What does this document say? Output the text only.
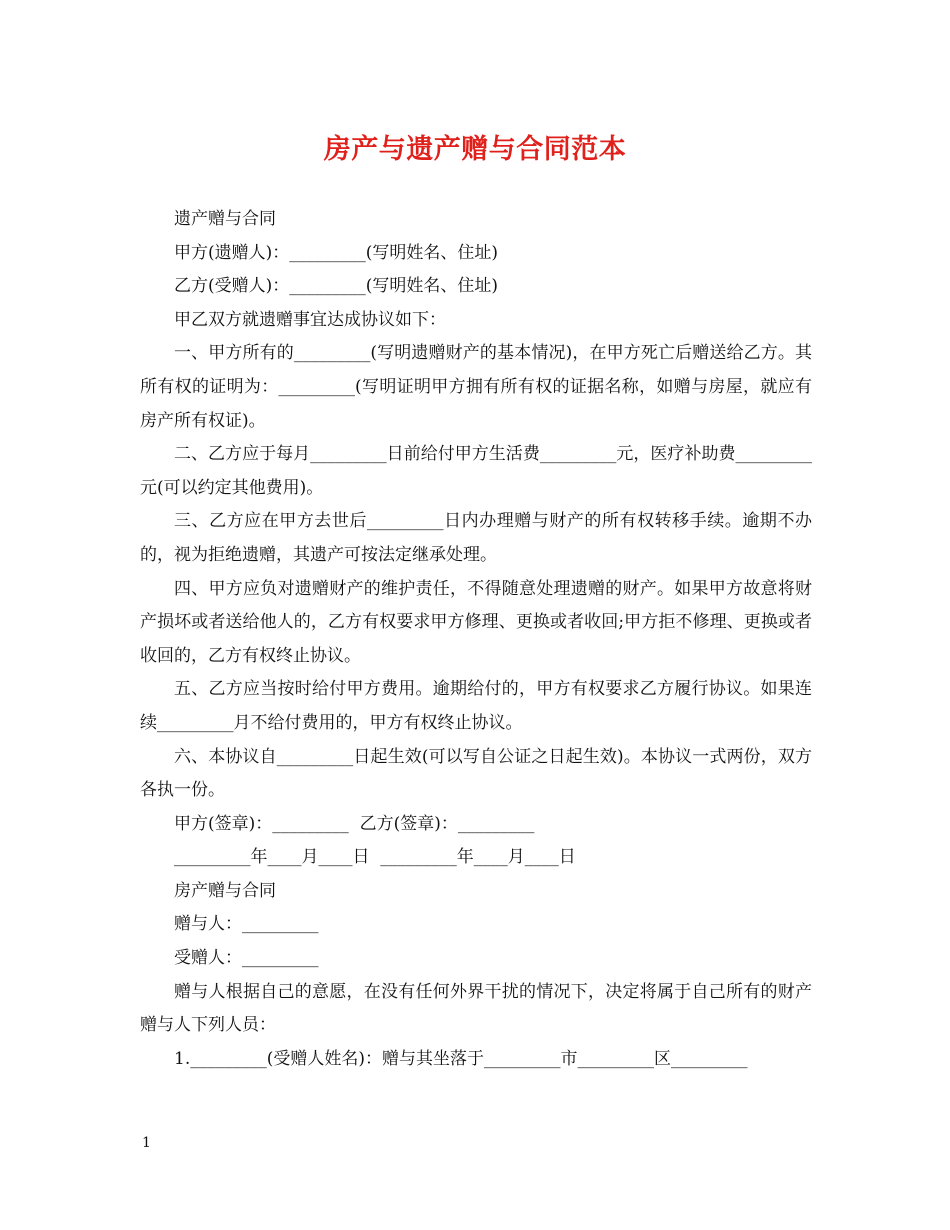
房产与遗产赠与合同范本

遗产赠与合同

甲方(遗赠人)：_________(写明姓名、住址)

乙方(受赠人)：_________(写明姓名、住址)

甲乙双方就遗赠事宜达成协议如下：

一、甲方所有的_________(写明遗赠财产的基本情况)，在甲方死亡后赠送给乙方。其所有权的证明为：_________(写明证明甲方拥有所有权的证据名称，如赠与房屋，就应有房产所有权证)。

二、乙方应于每月_________日前给付甲方生活费_________元，医疗补助费_________元(可以约定其他费用)。

三、乙方应在甲方去世后_________日内办理赠与财产的所有权转移手续。逾期不办的，视为拒绝遗赠，其遗产可按法定继承处理。

四、甲方应负对遗赠财产的维护责任，不得随意处理遗赠的财产。如果甲方故意将财产损坏或者送给他人的，乙方有权要求甲方修理、更换或者收回;甲方拒不修理、更换或者收回的，乙方有权终止协议。

五、乙方应当按时给付甲方费用。逾期给付的，甲方有权要求乙方履行协议。如果连续_________月不给付费用的，甲方有权终止协议。

六、本协议自_________日起生效(可以写自公证之日起生效)。本协议一式两份，双方各执一份。

甲方(签章)：_________  乙方(签章)：_________

_________年____月____日  _________年____月____日

房产赠与合同

赠与人：_________

受赠人：_________

赠与人根据自己的意愿，在没有任何外界干扰的情况下，决定将属于自己所有的财产赠与人下列人员：

1._________(受赠人姓名)：赠与其坐落于_________市_________区_________

1
